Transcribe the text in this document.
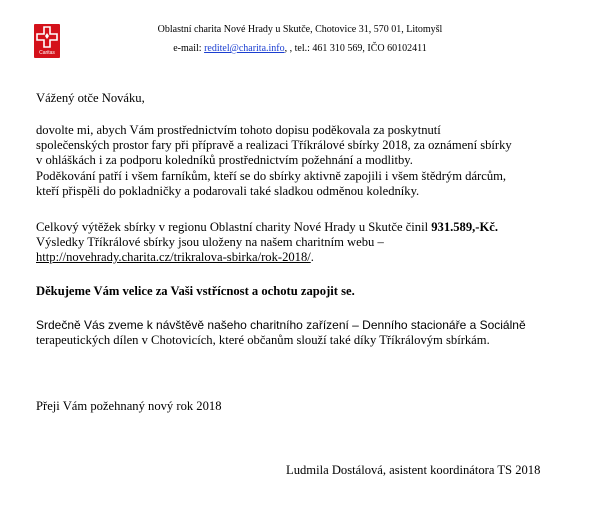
Caritas
Oblastní charita Nové Hrady u Skutče, Chotovice 31, 570 01, Litomyšl
e-mail: reditel@charita.info, , tel.: 461 310 569, IČO 60102411
Vážený otče Nováku,
dovolte mi, abych Vám prostřednictvím tohoto dopisu poděkovala za poskytnutí
společenských prostor fary při přípravě a realizaci Tříkrálové sbírky 2018, za oznámení sbírky
v ohláškách i za podporu koledníků prostřednictvím požehnání a modlitby.
Poděkování patří i všem farníkům, kteří se do sbírky aktivně zapojili i všem štědrým dárcům,
kteří přispěli do pokladničky a podarovali také sladkou odměnou koledníky.
Celkový výtěžek sbírky v regionu Oblastní charity Nové Hrady u Skutče činil 931.589,-Kč.
Výsledky Tříkrálové sbírky jsou uloženy na našem charitním webu –
http://novehrady.charita.cz/trikralova-sbirka/rok-2018/.
Děkujeme Vám velice za Vaši vstřícnost a ochotu zapojit se.
Srdečně Vás zveme k návštěvě našeho charitního zařízení – Denního stacionáře a Sociálně
terapeutických dílen v Chotovicích, které občanům slouží také díky Tříkrálovým sbírkám.
Přeji Vám požehnaný nový rok 2018
Ludmila Dostálová, asistent koordinátora TS 2018
